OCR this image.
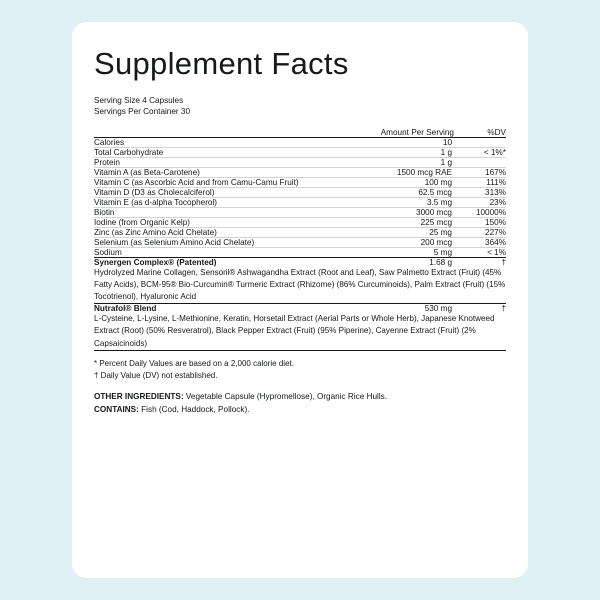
Supplement Facts
Serving Size 4 Capsules
Servings Per Container 30
	Amount Per Serving	%DV
Calories	10	
Total Carbohydrate	1 g	< 1%*
Protein	1 g	
Vitamin A (as Beta-Carotene)	1500 mcg RAE	167%
Vitamin C (as Ascorbic Acid and from Camu-Camu Fruit)	100 mg	111%
Vitamin D (D3 as Cholecalciferol)	62.5 mcg	313%
Vitamin E (as d-alpha Tocopherol)	3.5 mg	23%
Biotin	3000 mcg	10000%
Iodine (from Organic Kelp)	225 mcg	150%
Zinc (as Zinc Amino Acid Chelate)	25 mg	227%
Selenium (as Selenium Amino Acid Chelate)	200 mcg	364%
Sodium	5 mg	< 1%
Synergen Complex® (Patented)	1.68 g	†
Hydrolyzed Marine Collagen, Sensoril® Ashwagandha Extract (Root and Leaf), Saw Palmetto Extract (Fruit) (45% Fatty Acids), BCM-95® Bio-Curcumin® Turmeric Extract (Rhizome) (86% Curcuminoids), Palm Extract (Fruit) (15% Tocotrienol), Hyaluronic Acid		
Nutrafol® Blend	530 mg	†
L-Cysteine, L-Lysine, L-Methionine, Keratin, Horsetail Extract (Aerial Parts or Whole Herb), Japanese Knotweed Extract (Root) (50% Resveratrol), Black Pepper Extract (Fruit) (95% Piperine), Cayenne Extract (Fruit) (2% Capsaicinoids)		
* Percent Daily Values are based on a 2,000 calorie diet.
† Daily Value (DV) not established.
OTHER INGREDIENTS: Vegetable Capsule (Hypromellose), Organic Rice Hulls.
CONTAINS: Fish (Cod, Haddock, Pollock).
